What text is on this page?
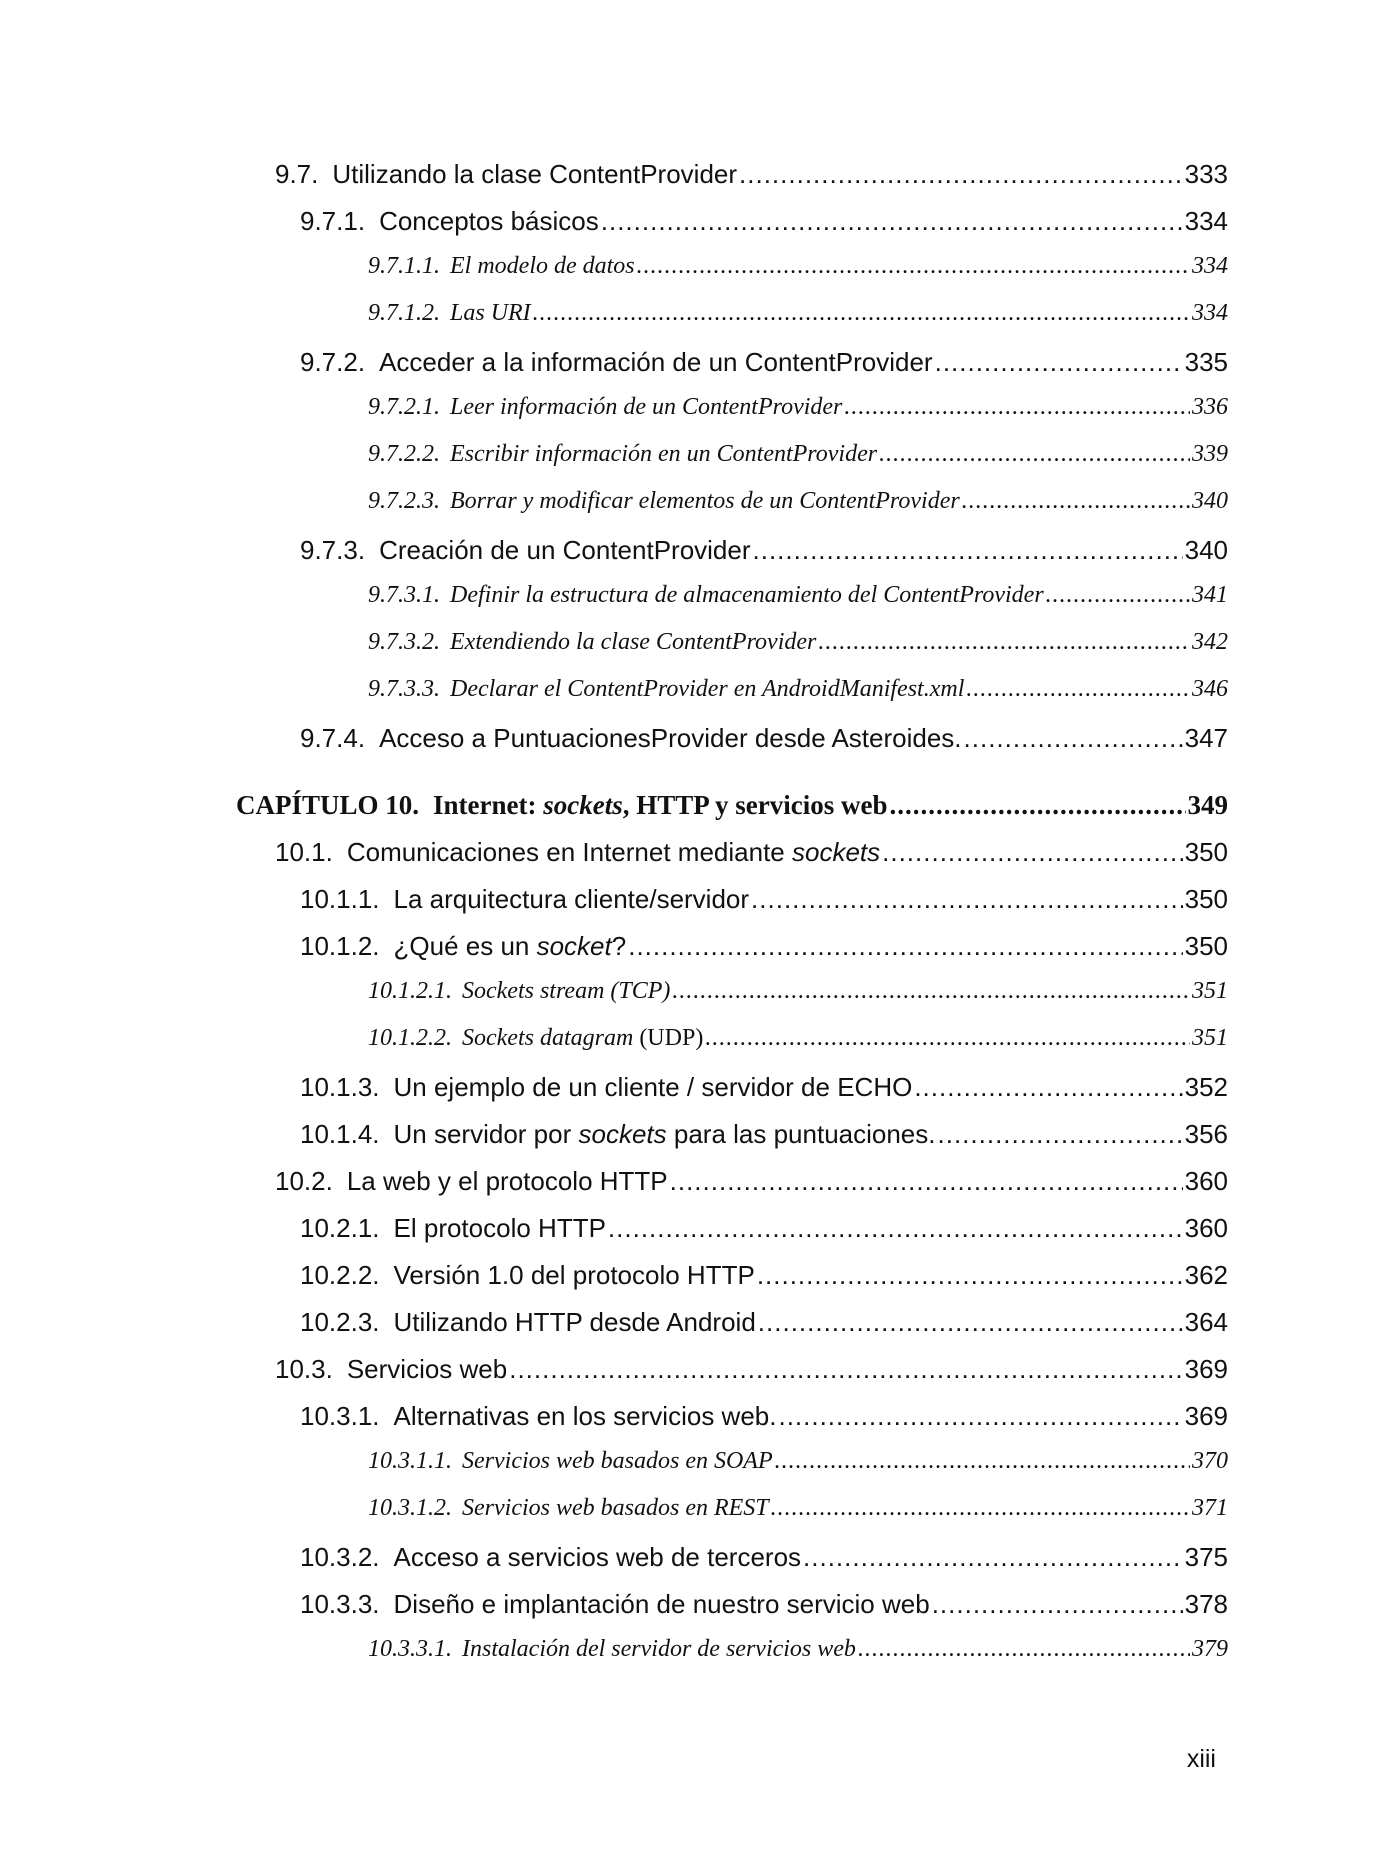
9.7. Utilizando la clase ContentProvider .....	333
9.7.1. Conceptos básicos .....	334
9.7.1.1. El modelo de datos .....	334
9.7.1.2. Las URI .....	334
9.7.2. Acceder a la información de un ContentProvider .....	335
9.7.2.1. Leer información de un ContentProvider .....	336
9.7.2.2. Escribir información en un ContentProvider .....	339
9.7.2.3. Borrar y modificar elementos de un ContentProvider .....	340
9.7.3. Creación de un ContentProvider .....	340
9.7.3.1. Definir la estructura de almacenamiento del ContentProvider .....	341
9.7.3.2. Extendiendo la clase ContentProvider .....	342
9.7.3.3. Declarar el ContentProvider en AndroidManifest.xml .....	346
9.7.4. Acceso a PuntuacionesProvider desde Asteroides. .....	347
CAPÍTULO 10. Internet: sockets, HTTP y servicios web .....	349
10.1. Comunicaciones en Internet mediante sockets .....	350
10.1.1. La arquitectura cliente/servidor .....	350
10.1.2. ¿Qué es un socket? .....	350
10.1.2.1. Sockets stream (TCP) .....	351
10.1.2.2. Sockets datagram (UDP) .....	351
10.1.3. Un ejemplo de un cliente / servidor de ECHO .....	352
10.1.4. Un servidor por sockets para las puntuaciones. .....	356
10.2. La web y el protocolo HTTP .....	360
10.2.1. El protocolo HTTP .....	360
10.2.2. Versión 1.0 del protocolo HTTP .....	362
10.2.3. Utilizando HTTP desde Android .....	364
10.3. Servicios web .....	369
10.3.1. Alternativas en los servicios web. .....	369
10.3.1.1. Servicios web basados en SOAP .....	370
10.3.1.2. Servicios web basados en REST .....	371
10.3.2. Acceso a servicios web de terceros .....	375
10.3.3. Diseño e implantación de nuestro servicio web .....	378
10.3.3.1. Instalación del servidor de servicios web .....	379
xiii
